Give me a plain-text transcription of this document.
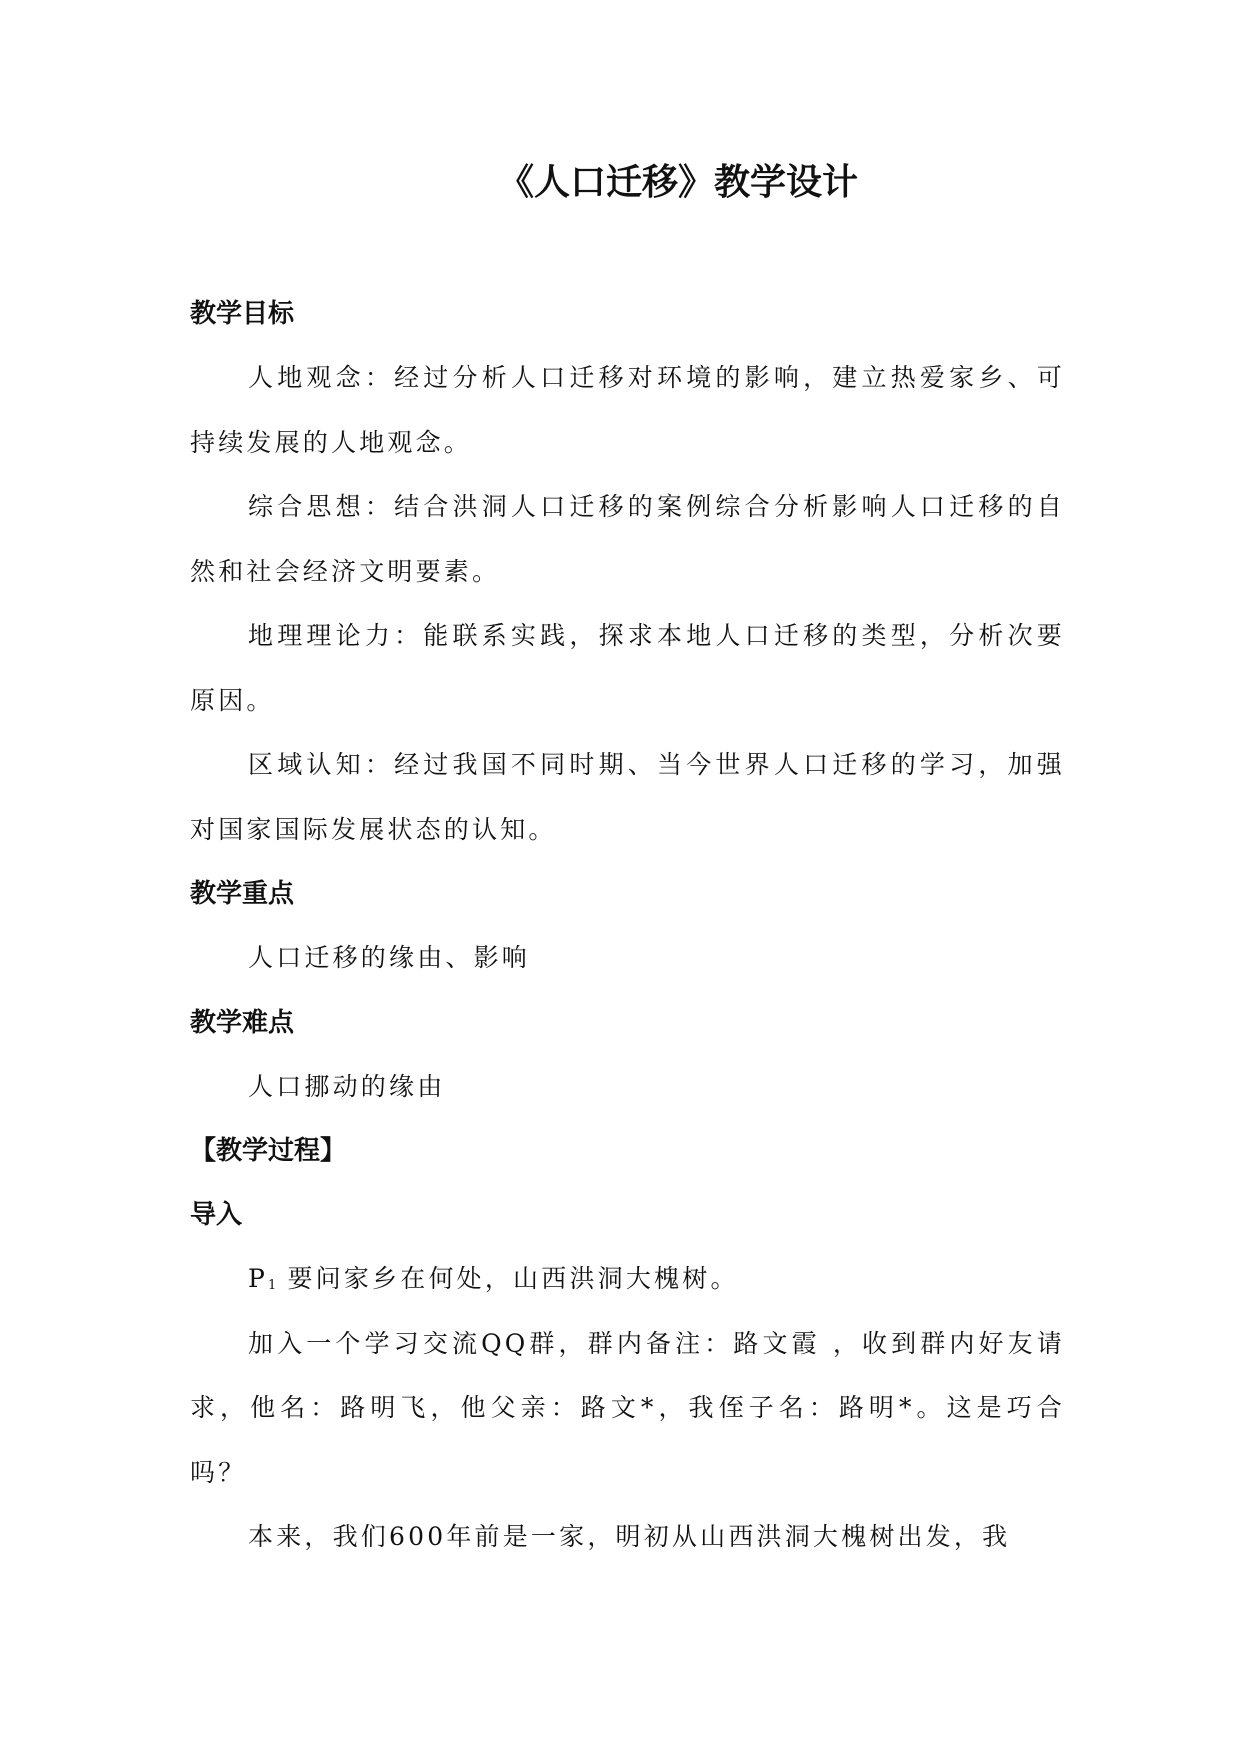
《人口迁移》教学设计
教学目标

人地观念：经过分析人口迁移对环境的影响，建立热爱家乡、可持续发展的人地观念。

综合思想：结合洪洞人口迁移的案例综合分析影响人口迁移的自然和社会经济文明要素。

地理理论力：能联系实践，探求本地人口迁移的类型，分析次要原因。

区域认知：经过我国不同时期、当今世界人口迁移的学习，加强对国家国际发展状态的认知。

教学重点

人口迁移的缘由、影响

教学难点

人口挪动的缘由

【教学过程】
导入

$P_1$ 要问家乡在何处，山西洪洞大槐树。

加入一个学习交流QQ群，群内备注：路文霞 ，收到群内好友请求，他名：路明飞，他父亲：路文*，我侄子名：路明*。这是巧合吗？

本来，我们600年前是一家，明初从山西洪洞大槐树出发，我
